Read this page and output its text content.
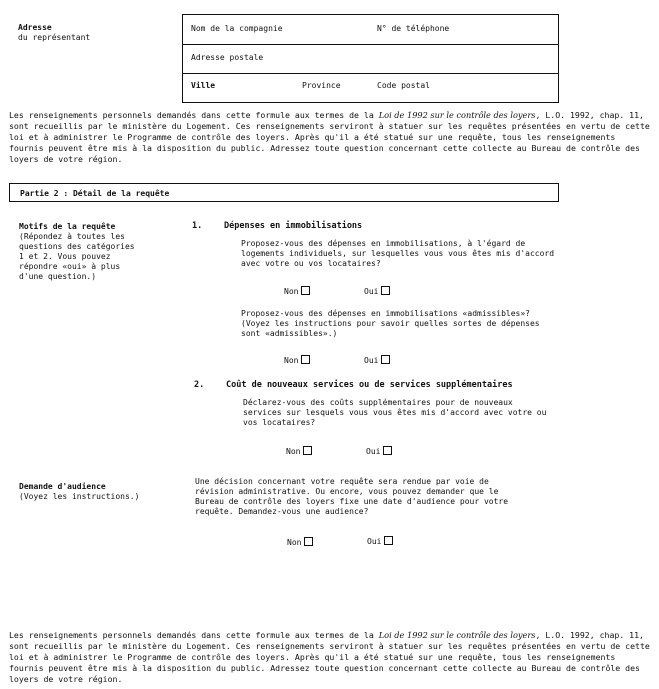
Adresse
du représentant
Nom de la compagnie	N° de téléphone
Adresse postale
Ville	Province	Code postal
Les renseignements personnels demandés dans cette formule aux termes de la Loi de 1992 sur le contrôle des loyers, L.O. 1992, chap. 11, sont recueillis par le ministère du Logement. Ces renseignements serviront à statuer sur les requêtes présentées en vertu de cette loi et à administrer le Programme de contrôle des loyers. Après qu'il a été statué sur une requête, tous les renseignements fournis peuvent être mis à la disposition du public. Adressez toute question concernant cette collecte au Bureau de contrôle des loyers de votre région.
Partie 2 : Détail de la requête
Motifs de la requête
(Répondez à toutes les questions des catégories 1 et 2. Vous pouvez répondre «oui» à plus d'une question.)
1.	Dépenses en immobilisations
Proposez-vous des dépenses en immobilisations, à l'égard de logements individuels, sur lesquelles vous vous êtes mis d'accord avec votre ou vos locataires?
Non	Oui
Proposez-vous des dépenses en immobilisations «admissibles»? (Voyez les instructions pour savoir quelles sortes de dépenses sont «admissibles».)
Non	Oui
2.	Coût de nouveaux services ou de services supplémentaires
Déclarez-vous des coûts supplémentaires pour de nouveaux services sur lesquels vous vous êtes mis d'accord avec votre ou vos locataires?
Non	Oui
Demande d'audience
(Voyez les instructions.)
Une décision concernant votre requête sera rendue par voie de révision administrative. Ou encore, vous pouvez demander que le Bureau de contrôle des loyers fixe une date d'audience pour votre requête. Demandez-vous une audience?
Non	Oui
Les renseignements personnels demandés dans cette formule aux termes de la Loi de 1992 sur le contrôle des loyers, L.O. 1992, chap. 11, sont recueillis par le ministère du Logement. Ces renseignements serviront à statuer sur les requêtes présentées en vertu de cette loi et à administrer le Programme de contrôle des loyers. Après qu'il a été statué sur une requête, tous les renseignements fournis peuvent être mis à la disposition du public. Adressez toute question concernant cette collecte au Bureau de contrôle des loyers de votre région.
